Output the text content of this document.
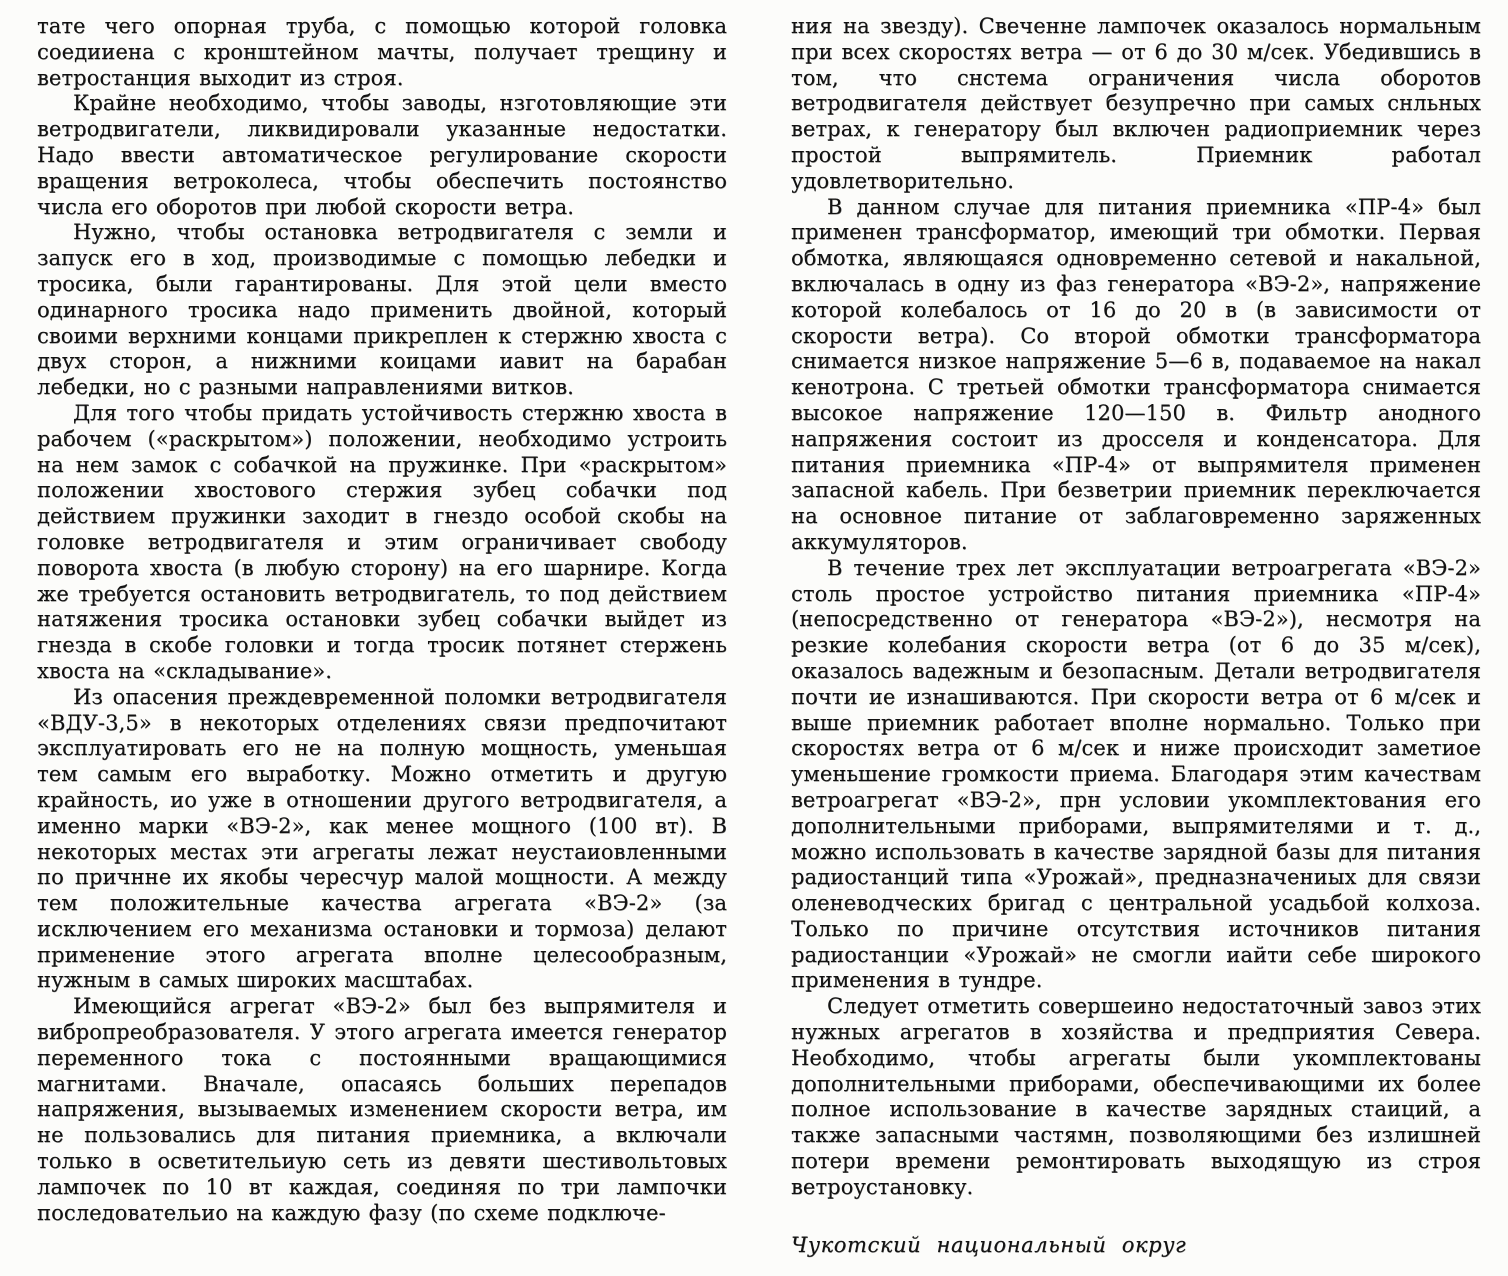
тате чего опорная труба, с помощью которой головка соедииена с кронштейном мачты, получает трещину и ветростанция выходит из строя.

Крайне необходимо, чтобы заводы, нзготовляющие эти ветродвигатели, ликвидировали указанные недостатки. Надо ввести автоматическое регулирование скорости вращения ветроколеса, чтобы обеспечить постоянство числа его оборотов при любой скорости ветра.

Нужно, чтобы остановка ветродвигателя с земли и запуск его в ход, производимые с помощью лебедки и тросика, были гарантированы. Для этой цели вместо одинарного тросика надо применить двойной, который своими верхними концами прикреплен к стержню хвоста с двух сторон, а нижними коицами иавит на барабан лебедки, но с разными направлениями витков.

Для того чтобы придать устойчивость стержню хвоста в рабочем («раскрытом») положении, необходимо устроить на нем замок с собачкой на пружинке. При «раскрытом» положении хвостового стержия зубец собачки под действием пружинки заходит в гнездо особой скобы на головке ветродвигателя и этим ограничивает свободу поворота хвоста (в любую сторону) на его шарнире. Когда же требуется остановить ветродвигатель, то под действием натяжения тросика остановки зубец собачки выйдет из гнезда в скобе головки и тогда тросик потянет стержень хвоста на «складывание».

Из опасения преждевременной поломки ветродвигателя «ВДУ-3,5» в некоторых отделениях связи предпочитают эксплуатировать его не на полную мощность, уменьшая тем самым его выработку. Можно отметить и другую крайность, ио уже в отношении другого ветродвигателя, а именно марки «ВЭ-2», как менее мощного (100 вт). В некоторых местах эти агрегаты лежат неустаиовленными по причнне их якобы чересчур малой мощности. А между тем положительные качества агрегата «ВЭ-2» (за исключением его механизма остановки и тормоза) делают применение этого агрегата вполне целесообразным, нужным в самых широких масштабах.

Имеющийся агрегат «ВЭ-2» был без выпрямителя и вибропреобразователя. У этого агрегата имеется генератор переменного тока с постоянными вращающимися магнитами. Вначале, опасаясь больших перепадов напряжения, вызываемых изменением скорости ветра, им не пользовались для питания приемника, а включали только в осветительиую сеть из девяти шестивольтовых лампочек по 10 вт каждая, соединяя по три лампочки последовательио на каждую фазу (по схеме подключе-

ния на звезду). Свеченне лампочек оказалось нормальным при всех скоростях ветра — от 6 до 30 м/сек. Убедившись в том, что снстема ограничения числа оборотов ветродвигателя действует безупречно при самых снльных ветрах, к генератору был включен радиоприемник через простой выпрямитель. Приемник работал удовлетворительно.

В данном случае для питания приемника «ПР-4» был применен трансформатор, имеющий три обмотки. Первая обмотка, являющаяся одновременно сетевой и накальной, включалась в одну из фаз генератора «ВЭ-2», напряжение которой колебалось от 16 до 20 в (в зависимости от скорости ветра). Со второй обмотки трансформатора снимается низкое напряжение 5—6 в, подаваемое на накал кенотрона. С третьей обмотки трансформатора снимается высокое напряжение 120—150 в. Фильтр анодного напряжения состоит из дросселя и конденсатора. Для питания приемника «ПР-4» от выпрямителя применен запасной кабель. При безветрии приемник переключается на основное питание от заблаговременно заряженных аккумуляторов.

В течение трех лет эксплуатации ветроагрегата «ВЭ-2» столь простое устройство питания приемника «ПР-4» (непосредственно от генератора «ВЭ-2»), несмотря на резкие колебания скорости ветра (от 6 до 35 м/сек), оказалось вадежным и безопасным. Детали ветродвигателя почти ие изнашиваются. При скорости ветра от 6 м/сек и выше приемник работает вполне нормально. Только при скоростях ветра от 6 м/сек и ниже происходит заметиое уменьшение громкости приема. Благодаря этим качествам ветроагрегат «ВЭ-2», прн условии укомплектования его дополнительными приборами, выпрямителями и т. д., можно использовать в качестве зарядной базы для питания радиостанций типа «Урожай», предназначениых для связи оленеводческих бригад с центральной усадьбой колхоза. Только по причине отсутствия источников питания радиостанции «Урожай» не смогли иайти себе широкого применения в тундре.

Следует отметить совершеино недостаточный завоз этих нужных агрегатов в хозяйства и предприятия Севера. Необходимо, чтобы агрегаты были укомплектованы дополнительными приборами, обеспечивающими их более полное использование в качестве зарядных стаиций, а также запасными частямн, позволяющими без излишней потери времени ремонтировать выходящую из строя ветроустановку.

Чукотский национальный округ
